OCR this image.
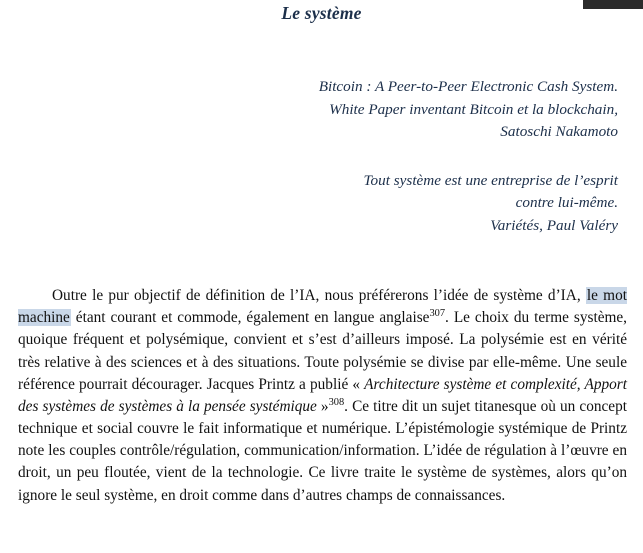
Le système
Bitcoin : A Peer-to-Peer Electronic Cash System.
White Paper inventant Bitcoin et la blockchain,
Satoschi Nakamoto
Tout système est une entreprise de l’esprit
contre lui-même.
Variétés, Paul Valéry

Outre le pur objectif de définition de l’IA, nous préférerons l’idée de système d’IA, le mot machine étant courant et commode, également en langue anglaise$^{307}$. Le choix du terme système, quoique fréquent et polysémique, convient et s’est d’ailleurs imposé. La polysémie est en vérité très relative à des sciences et à des situations. Toute polysémie se divise par elle-même. Une seule référence pourrait décourager. Jacques Printz a publié « Architecture système et complexité, Apport des systèmes de systèmes à la pensée systémique »$^{308}$. Ce titre dit un sujet titanesque où un concept technique et social couvre le fait informatique et numérique. L’épistémologie systémique de Printz note les couples contrôle/régulation, communication/information. L’idée de régulation à l’œuvre en droit, un peu floutée, vient de la technologie. Ce livre traite le système de systèmes, alors qu’on ignore le seul système, en droit comme dans d’autres champs de connaissances.
